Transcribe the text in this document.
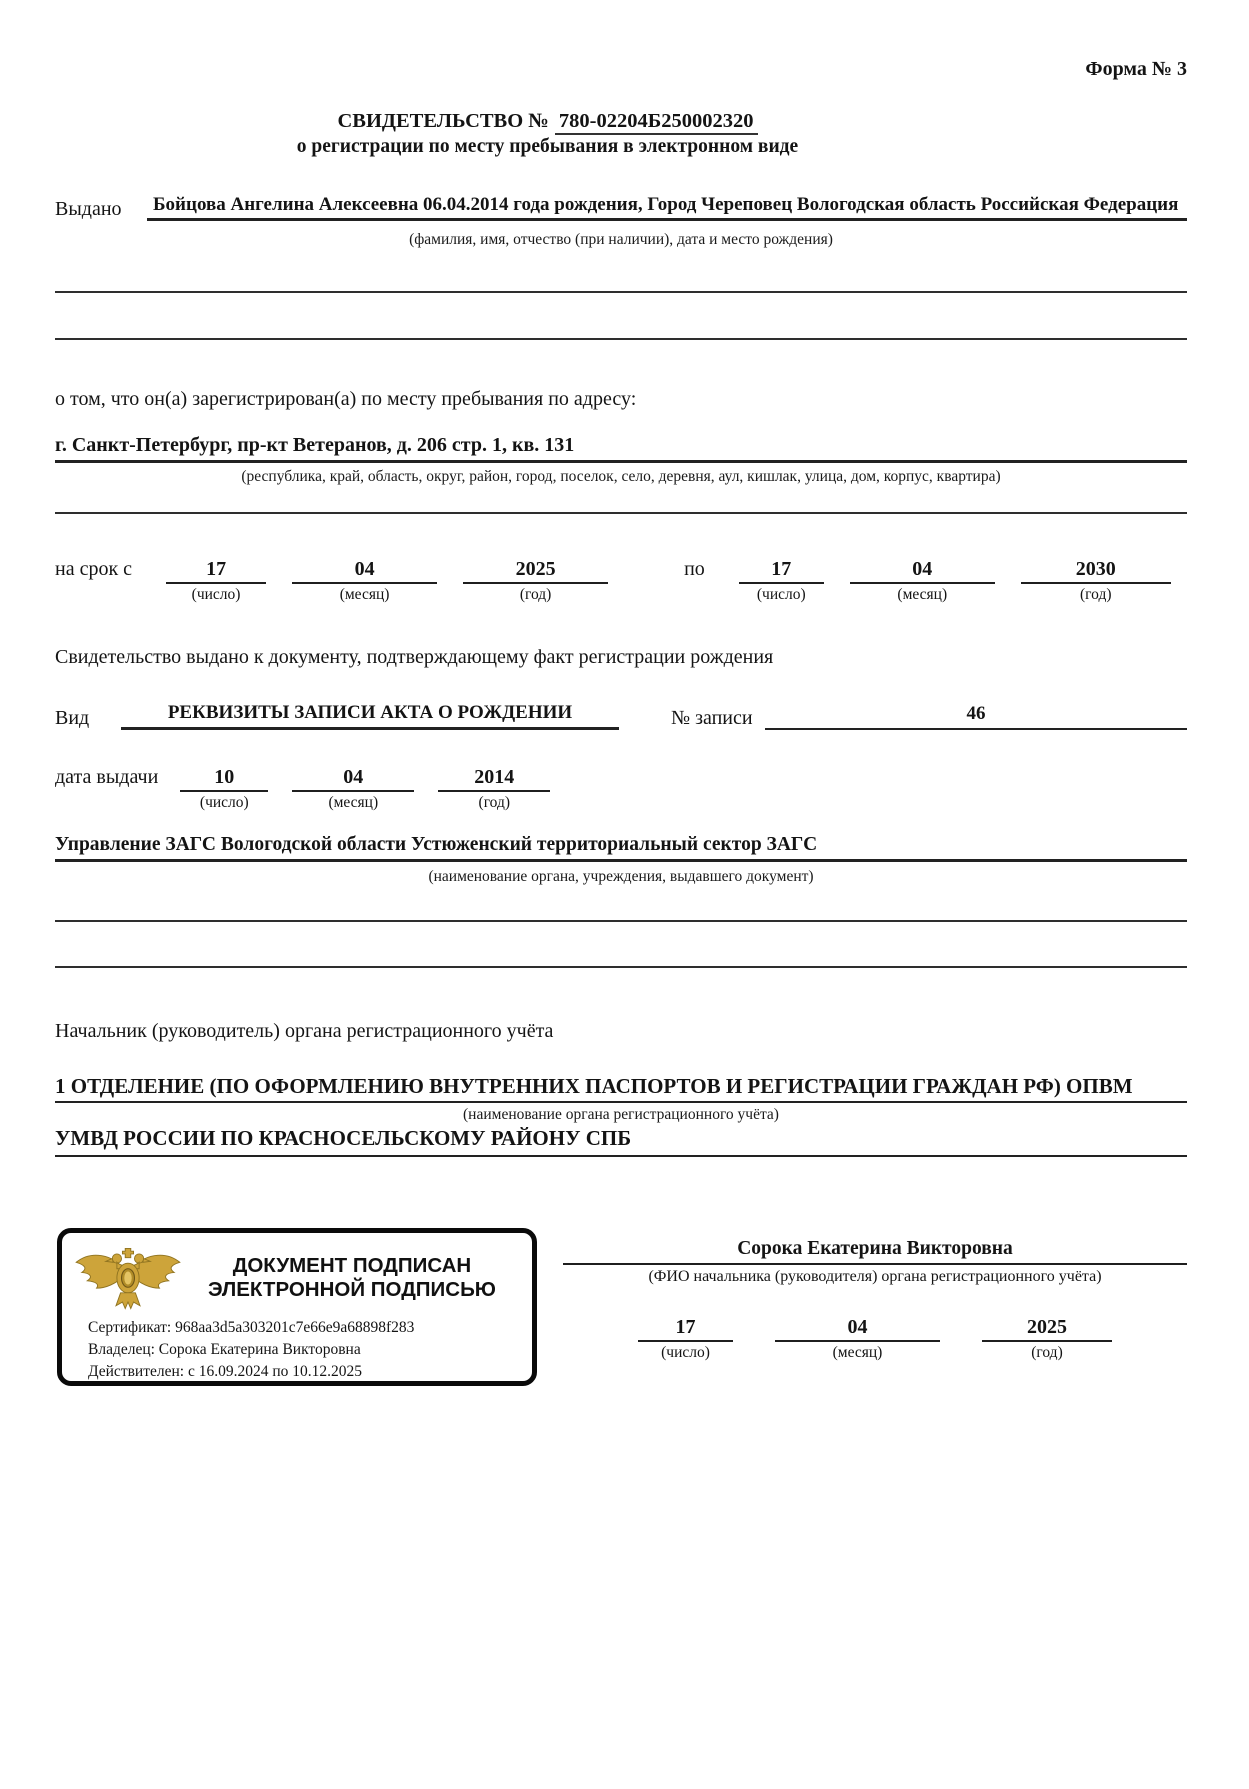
Форма № 3
СВИДЕТЕЛЬСТВО № 780-02204Б250002320
о регистрации по месту пребывания в электронном виде
Выдано	Бойцова Ангелина Алексеевна 06.04.2014 года рождения, Город Череповец Вологодская область Российская Федерация
(фамилия, имя, отчество (при наличии), дата и место рождения)
о том, что он(а) зарегистрирован(а) по месту пребывания по адресу:
г. Санкт-Петербург, пр-кт Ветеранов, д. 206 стр. 1, кв. 131
(республика, край, область, округ, район, город, поселок, село, деревня, аул, кишлак, улица, дом, корпус, квартира)
на срок с	17
(число)
04
(месяц)
2025
(год)
по	17
(число)
04
(месяц)
2030
(год)
Свидетельство выдано к документу, подтверждающему факт регистрации рождения
Вид	РЕКВИЗИТЫ ЗАПИСИ АКТА О РОЖДЕНИИ	№ записи	46
дата выдачи	10
(число)
04
(месяц)
2014
(год)
Управление ЗАГС Вологодской области Устюженский территориальный сектор ЗАГС
(наименование органа, учреждения, выдавшего документ)
Начальник (руководитель) органа регистрационного учёта
1 ОТДЕЛЕНИЕ (ПО ОФОРМЛЕНИЮ ВНУТРЕННИХ ПАСПОРТОВ И РЕГИСТРАЦИИ ГРАЖДАН РФ) ОПВМ
(наименование органа регистрационного учёта)
УМВД РОССИИ ПО КРАСНОСЕЛЬСКОМУ РАЙОНУ СПБ
ДОКУМЕНТ ПОДПИСАН
ЭЛЕКТРОННОЙ ПОДПИСЬЮ
Сертификат: 968aa3d5a303201c7e66e9a68898f283
Владелец: Сорока Екатерина Викторовна
Действителен: с 16.09.2024 по 10.12.2025
Сорока Екатерина Викторовна
(ФИО начальника (руководителя) органа регистрационного учёта)
17
(число)
04
(месяц)
2025
(год)
